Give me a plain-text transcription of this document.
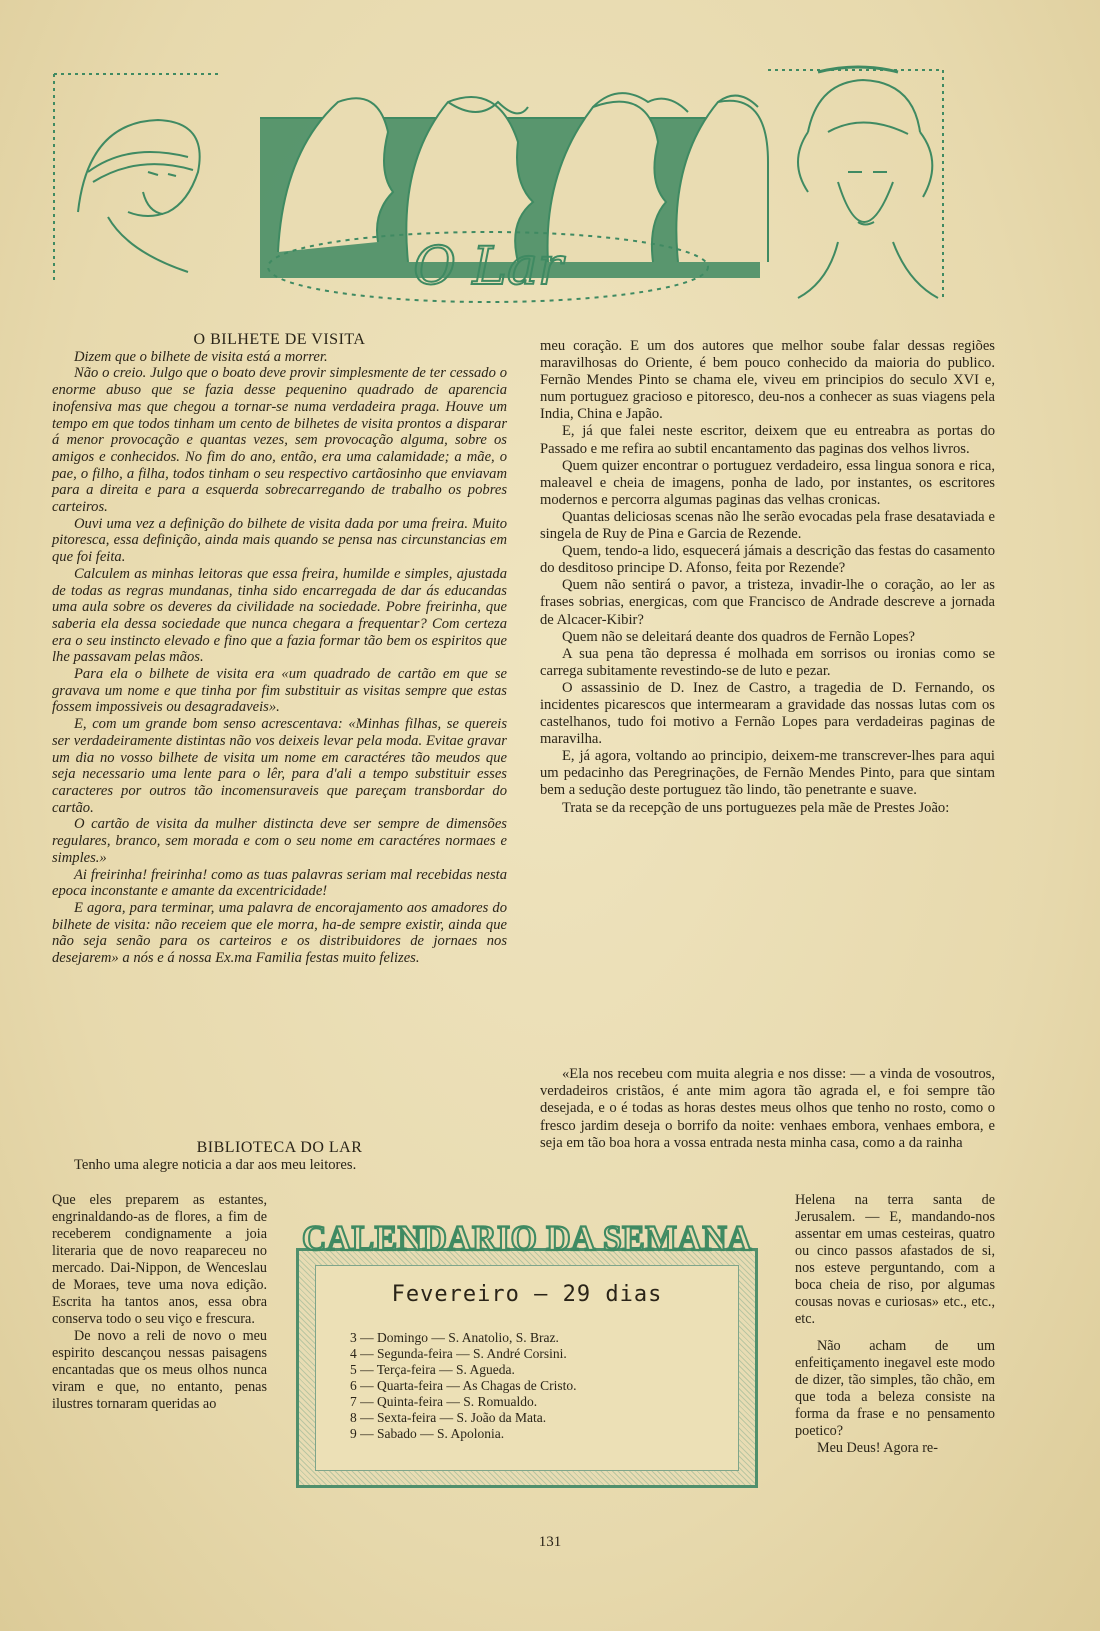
O Lar

O BILHETE DE VISITA

Dizem que o bilhete de visita está a morrer.

Não o creio. Julgo que o boato deve provir simplesmente de ter cessado o enorme abuso que se fazia desse pequenino quadrado de aparencia inofensiva mas que chegou a tornar-se numa verdadeira praga. Houve um tempo em que todos tinham um cento de bilhetes de visita prontos a disparar á menor provocação e quantas vezes, sem provocação alguma, sobre os amigos e conhecidos. No fim do ano, então, era uma calamidade; a mãe, o pae, o filho, a filha, todos tinham o seu respectivo cartãosinho que enviavam para a direita e para a esquerda sobrecarregando de trabalho os pobres carteiros.

Ouvi uma vez a definição do bilhete de visita dada por uma freira. Muito pitoresca, essa definição, ainda mais quando se pensa nas circunstancias em que foi feita.

Calculem as minhas leitoras que essa freira, humilde e simples, ajustada de todas as regras mundanas, tinha sido encarregada de dar ás educandas uma aula sobre os deveres da civilidade na sociedade. Pobre freirinha, que saberia ela dessa sociedade que nunca chegara a frequentar? Com certeza era o seu instincto elevado e fino que a fazia formar tão bem os espiritos que lhe passavam pelas mãos.

Para ela o bilhete de visita era «um quadrado de cartão em que se gravava um nome e que tinha por fim substituir as visitas sempre que estas fossem impossiveis ou desagradaveis».

E, com um grande bom senso acrescentava: «Minhas filhas, se quereis ser verdadeiramente distintas não vos deixeis levar pela moda. Evitae gravar um dia no vosso bilhete de visita um nome em caractéres tão meudos que seja necessario uma lente para o lêr, para d'ali a tempo substituir esses caracteres por outros tão incomensuraveis que pareçam transbordar do cartão.

O cartão de visita da mulher distincta deve ser sempre de dimensões regulares, branco, sem morada e com o seu nome em caractéres normaes e simples.»

Ai freirinha! freirinha! como as tuas palavras seriam mal recebidas nesta epoca inconstante e amante da excentricidade!

E agora, para terminar, uma palavra de encorajamento aos amadores do bilhete de visita: não receiem que ele morra, ha-de sempre existir, ainda que não seja senão para os carteiros e os distribuidores de jornaes nos desejarem» a nós e á nossa Ex.ma Familia festas muito felizes.

BIBLIOTECA DO LAR

Tenho uma alegre noticia a dar aos meu leitores.

Que eles preparem as estantes, engrinaldando-as de flores, a fim de receberem condignamente a joia literaria que de novo reapareceu no mercado. Dai-Nippon, de Wenceslau de Moraes, teve uma nova edição. Escrita ha tantos anos, essa obra conserva todo o seu viço e frescura.

De novo a reli de novo o meu espirito descançou nessas paisagens encantadas que os meus olhos nunca viram e que, no entanto, penas ilustres tornaram queridas ao

meu coração. E um dos autores que melhor soube falar dessas regiões maravilhosas do Oriente, é bem pouco conhecido da maioria do publico. Fernão Mendes Pinto se chama ele, viveu em principios do seculo XVI e, num portuguez gracioso e pitoresco, deu-nos a conhecer as suas viagens pela India, China e Japão.

E, já que falei neste escritor, deixem que eu entreabra as portas do Passado e me refira ao subtil encantamento das paginas dos velhos livros.

Quem quizer encontrar o portuguez verdadeiro, essa lingua sonora e rica, maleavel e cheia de imagens, ponha de lado, por instantes, os escritores modernos e percorra algumas paginas das velhas cronicas.

Quantas deliciosas scenas não lhe serão evocadas pela frase desataviada e singela de Ruy de Pina e Garcia de Rezende.

Quem, tendo-a lido, esquecerá jámais a descrição das festas do casamento do desditoso principe D. Afonso, feita por Rezende?

Quem não sentirá o pavor, a tristeza, invadir-lhe o coração, ao ler as frases sobrias, energicas, com que Francisco de Andrade descreve a jornada de Alcacer-Kibir?

Quem não se deleitará deante dos quadros de Fernão Lopes?

A sua pena tão depressa é molhada em sorrisos ou ironias como se carrega subitamente revestindo-se de luto e pezar.

O assassinio de D. Inez de Castro, a tragedia de D. Fernando, os incidentes picarescos que intermearam a gravidade das nossas lutas com os castelhanos, tudo foi motivo a Fernão Lopes para verdadeiras paginas de maravilha.

E, já agora, voltando ao principio, deixem-me transcrever-lhes para aqui um pedacinho das Peregrinações, de Fernão Mendes Pinto, para que sintam bem a sedução deste portuguez tão lindo, tão penetrante e suave.

Trata se da recepção de uns portuguezes pela mãe de Prestes João:

«Ela nos recebeu com muita alegria e nos disse: — a vinda de vosoutros, verdadeiros cristãos, é ante mim agora tão agrada el, e foi sempre tão desejada, e o é todas as horas destes meus olhos que tenho no rosto, como o fresco jardim deseja o borrifo da noite: venhaes embora, venhaes embora, e seja em tão boa hora a vossa entrada nesta minha casa, como a da rainha

Helena na terra santa de Jerusalem. — E, mandando-nos assentar em umas cesteiras, quatro ou cinco passos afastados de si, nos esteve perguntando, com a boca cheia de riso, por algumas cousas novas e curiosas» etc., etc., etc.

Não acham de um enfeitiçamento inegavel este modo de dizer, tão simples, tão chão, em que toda a beleza consiste na forma da frase e no pensamento poetico?

Meu Deus! Agora re-

Fevereiro — 29 dias
3 — Domingo — S. Anatolio, S. Braz.
4 — Segunda-feira — S. André Corsini.
5 — Terça-feira — S. Agueda.
6 — Quarta-feira — As Chagas de Cristo.
7 — Quinta-feira — S. Romualdo.
8 — Sexta-feira — S. João da Mata.
9 — Sabado — S. Apolonia.
CALENDARIO DA SEMANA
131
